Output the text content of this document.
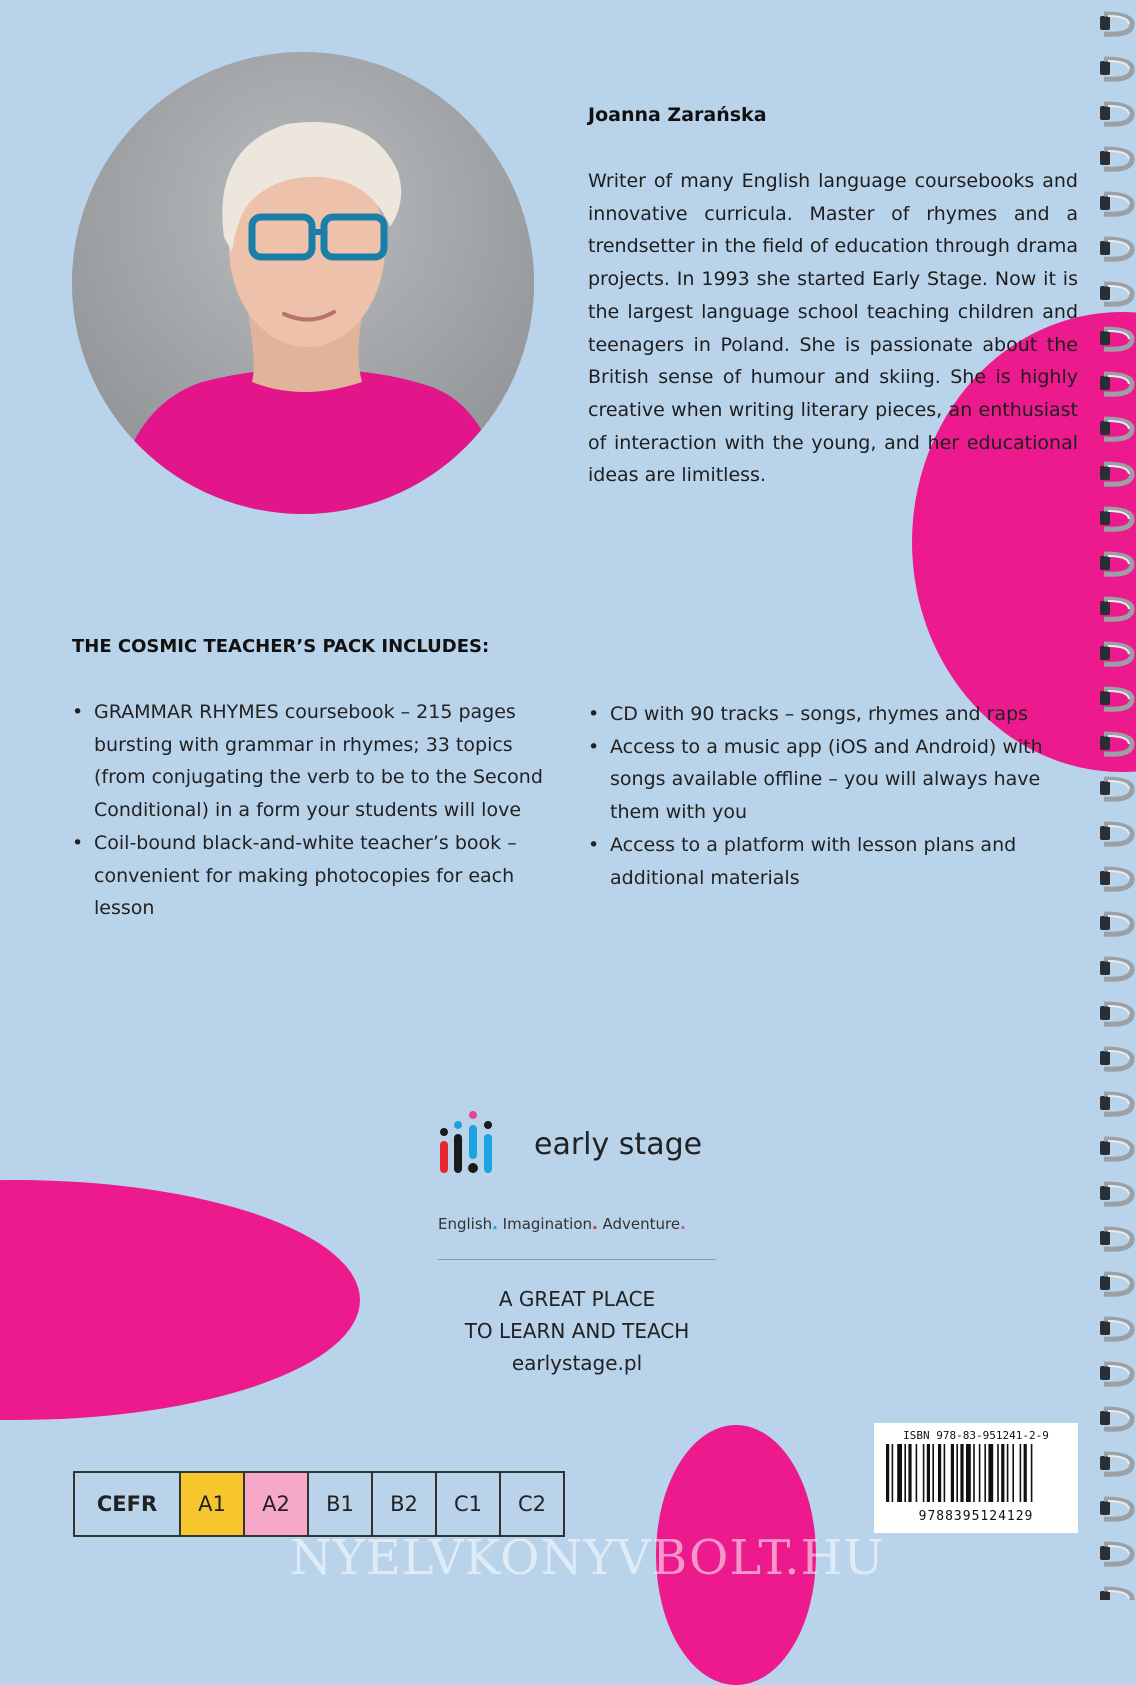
Joanna Zarańska
Writer of many English language coursebooks and innovative curricula. Master of rhymes and a trendsetter in the field of education through drama projects. In 1993 she started Early Stage. Now it is the largest language school teaching children and teenagers in Poland. She is passionate about the British sense of humour and skiing. She is highly creative when writing literary pieces, an enthusiast of interaction with the young, and her educational ideas are limitless.
THE COSMIC TEACHER’S PACK INCLUDES:
• GRAMMAR RHYMES coursebook – 215 pages bursting with grammar in rhymes; 33 topics (from conjugating the verb to be to the Second Conditional) in a form your students will love
• Coil-bound black-and-white teacher’s book – convenient for making photocopies for each lesson
• CD with 90 tracks – songs, rhymes and raps
• Access to a music app (iOS and Android) with songs available offline – you will always have them with you
• Access to a platform with lesson plans and additional materials
early stage
English. Imagination. Adventure.
A GREAT PLACE
TO LEARN AND TEACH
earlystage.pl
CEFR	A1	A2	B1	B2	C1	C2
ISBN 978-83-951241-2-9
9788395124129
NYELVKONYVBOLT.HU
